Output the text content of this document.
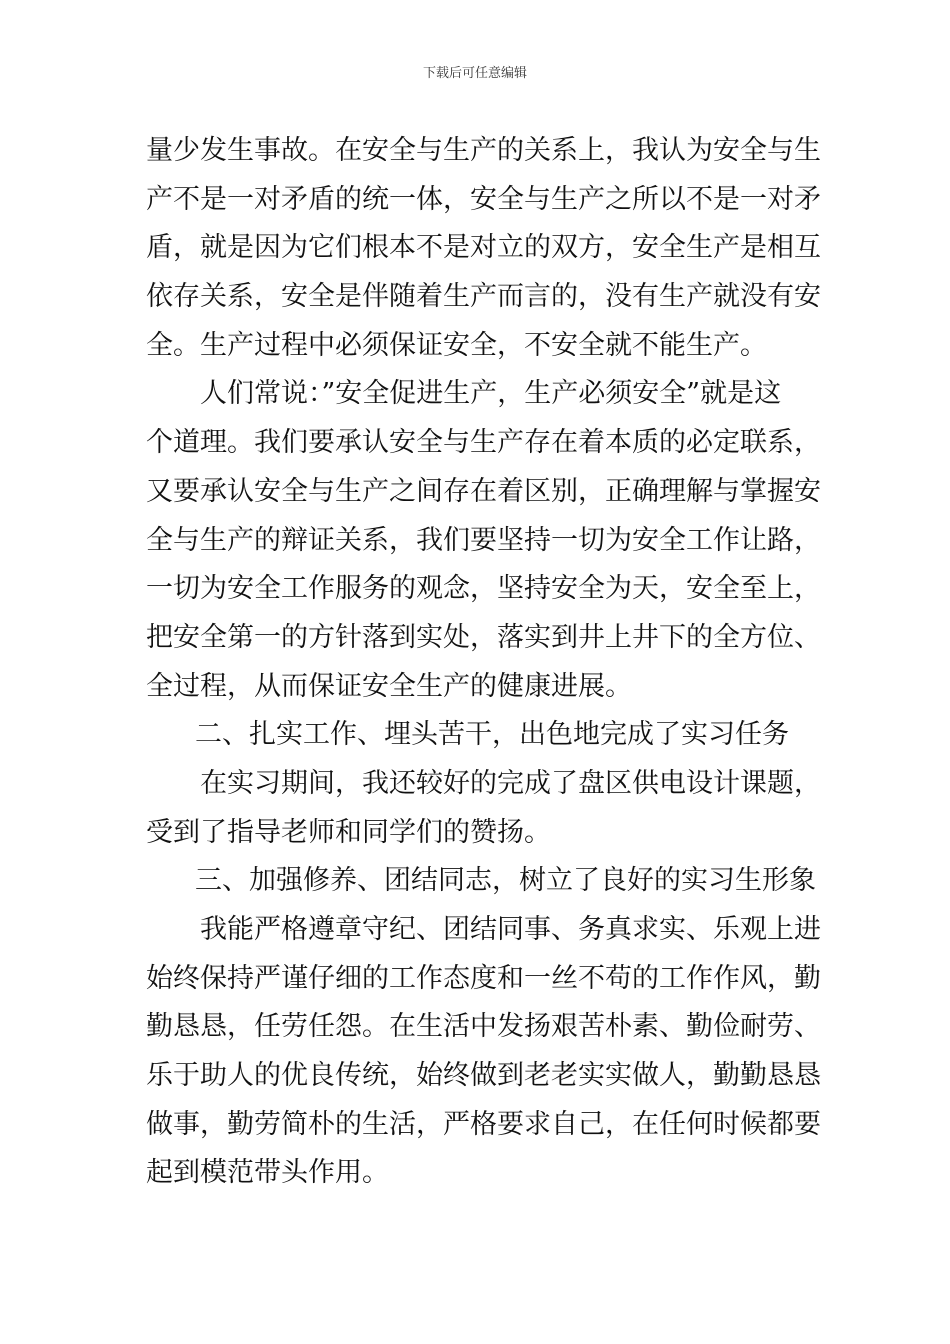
下载后可任意编辑
量少发生事故。在安全与生产的关系上，我认为安全与生
产不是一对矛盾的统一体，安全与生产之所以不是一对矛
盾，就是因为它们根本不是对立的双方，安全生产是相互
依存关系，安全是伴随着生产而言的，没有生产就没有安
全。生产过程中必须保证安全，不安全就不能生产。
人们常说：”安全促进生产，生产必须安全”就是这
个道理。我们要承认安全与生产存在着本质的必定联系，
又要承认安全与生产之间存在着区别，正确理解与掌握安
全与生产的辩证关系，我们要坚持一切为安全工作让路，
一切为安全工作服务的观念，坚持安全为天，安全至上，
把安全第一的方针落到实处，落实到井上井下的全方位、
全过程，从而保证安全生产的健康进展。
二、扎实工作、埋头苦干，出色地完成了实习任务
在实习期间，我还较好的完成了盘区供电设计课题，
受到了指导老师和同学们的赞扬。
三、加强修养、团结同志，树立了良好的实习生形象
我能严格遵章守纪、团结同事、务真求实、乐观上进
始终保持严谨仔细的工作态度和一丝不苟的工作作风，勤
勤恳恳，任劳任怨。在生活中发扬艰苦朴素、勤俭耐劳、
乐于助人的优良传统，始终做到老老实实做人，勤勤恳恳
做事，勤劳简朴的生活，严格要求自己，在任何时候都要
起到模范带头作用。
